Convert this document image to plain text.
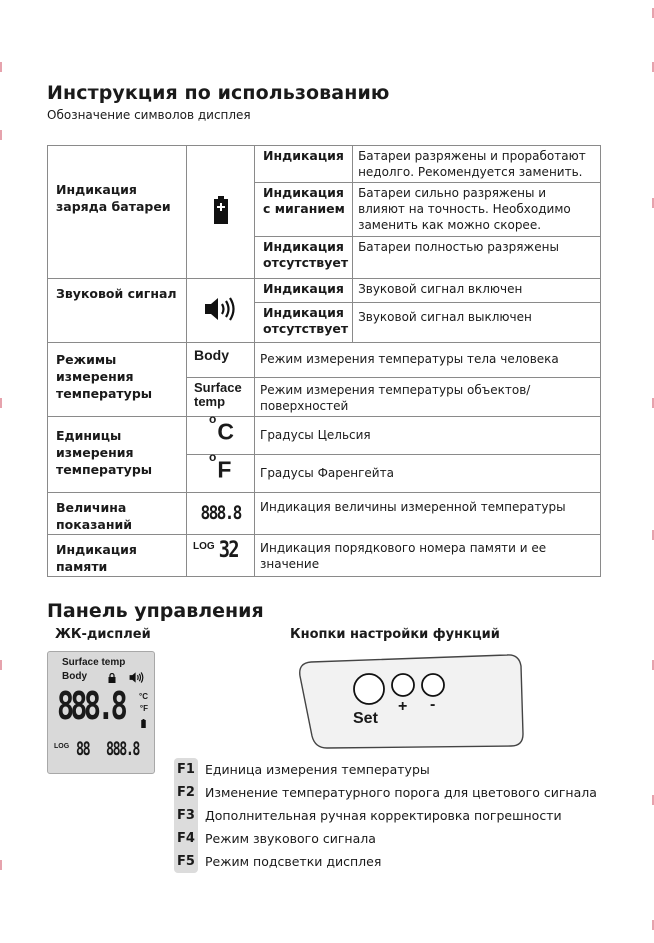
Инструкция по использованию
Обозначение символов дисплея
Индикация заряда батареи		Индикация	Батареи разряжены и проработают недолго. Рекомендуется заменить.
		Индикация с миганием	Батареи сильно разряжены и влияют на точность. Необходимо заменить как можно скорее.
		Индикация отсутствует	Батареи полностью разряжены
Звуковой сигнал		Индикация	Звуковой сигнал включен
		Индикация отсутствует	Звуковой сигнал выключен
Режимы измерения температуры	Body	Режим измерения температуры тела человека	
	Surface temp	Режим измерения температуры объектов/ поверхностей	
Единицы измерения температуры	$^o$C	Градусы Цельсия	
	$^o$F	Градусы Фаренгейта	
Величина показаний	888.8	Индикация величины измеренной температуры	
Индикация памяти	$^{LOG}$ 32	Индикация порядкового номера памяти и ее значение	
Панель управления
ЖК-дисплей	Кнопки настройки функций
Surface temp
Body
888.8 °C
°F
LOG 88 888.8
Set
+ -
F1 Единица измерения температуры
F2 Изменение температурного порога для цветового сигнала
F3 Дополнительная ручная корректировка погрешности
F4 Режим звукового сигнала
F5 Режим подсветки дисплея
